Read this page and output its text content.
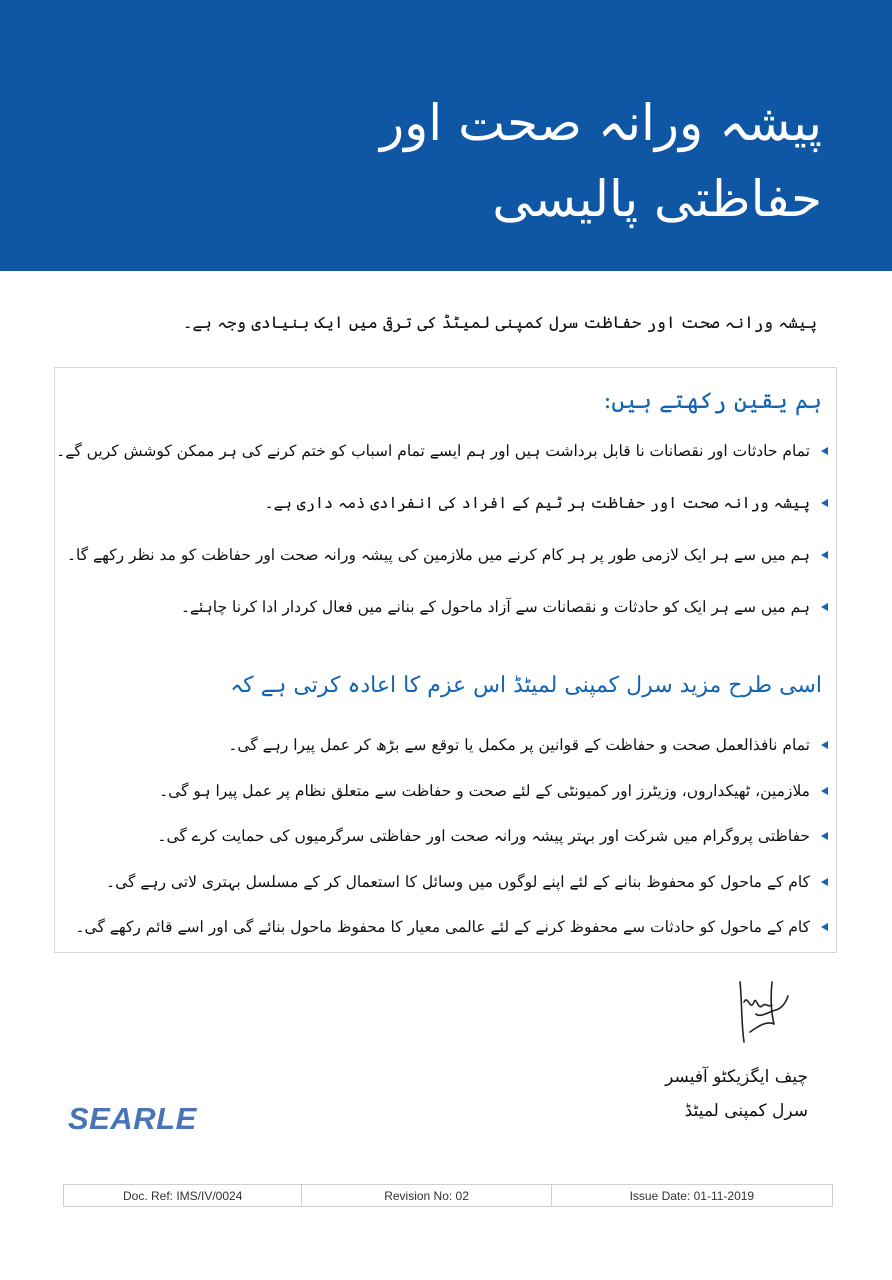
پیشہ ورانہ صحت اور
حفاظتی پالیسی
پیشہ ورانہ صحت اور حفاظت سرل کمپنی لمیٹڈ کی ترقی میں ایک بنیادی وجہ ہے۔
ہم یقین رکھتے ہیں:
تمام حادثات اور نقصانات نا قابل برداشت ہیں اور ہم ایسے تمام اسباب کو ختم کرنے کی ہر ممکن کوشش کریں گے۔
پیشہ ورانہ صحت اور حفاظت ہر ٹیم کے افراد کی انفرادی ذمہ داری ہے۔
ہم میں سے ہر ایک لازمی طور پر ہر کام کرنے میں ملازمین کی پیشہ ورانہ صحت اور حفاظت کو مد نظر رکھے گا۔
ہم میں سے ہر ایک کو حادثات و نقصانات سے آزاد ماحول کے بنانے میں فعال کردار ادا کرنا چاہئے۔
اسی طرح مزید سرل کمپنی لمیٹڈ اس عزم کا اعادہ کرتی ہے کہ
تمام نافذالعمل صحت و حفاظت کے قوانین پر مکمل یا توقع سے بڑھ کر عمل پیرا رہے گی۔
ملازمین، ٹھیکداروں، وزیٹرز اور کمیونٹی کے لئے صحت و حفاظت سے متعلق نظام پر عمل پیرا ہو گی۔
حفاظتی پروگرام میں شرکت اور بہتر پیشہ ورانہ صحت اور حفاظتی سرگرمیوں کی حمایت کرے گی۔
کام کے ماحول کو محفوظ بنانے کے لئے اپنے لوگوں میں وسائل کا استعمال کر کے مسلسل بہتری لاتی رہے گی۔
کام کے ماحول کو حادثات سے محفوظ کرنے کے لئے عالمی معیار کا محفوظ ماحول بنائے گی اور اسے قائم رکھے گی۔
چیف ایگزیکٹو آفیسر
سرل کمپنی لمیٹڈ
SEARLE
Doc. Ref: IMS/IV/0024	Revision No: 02	Issue Date: 01-11-2019
